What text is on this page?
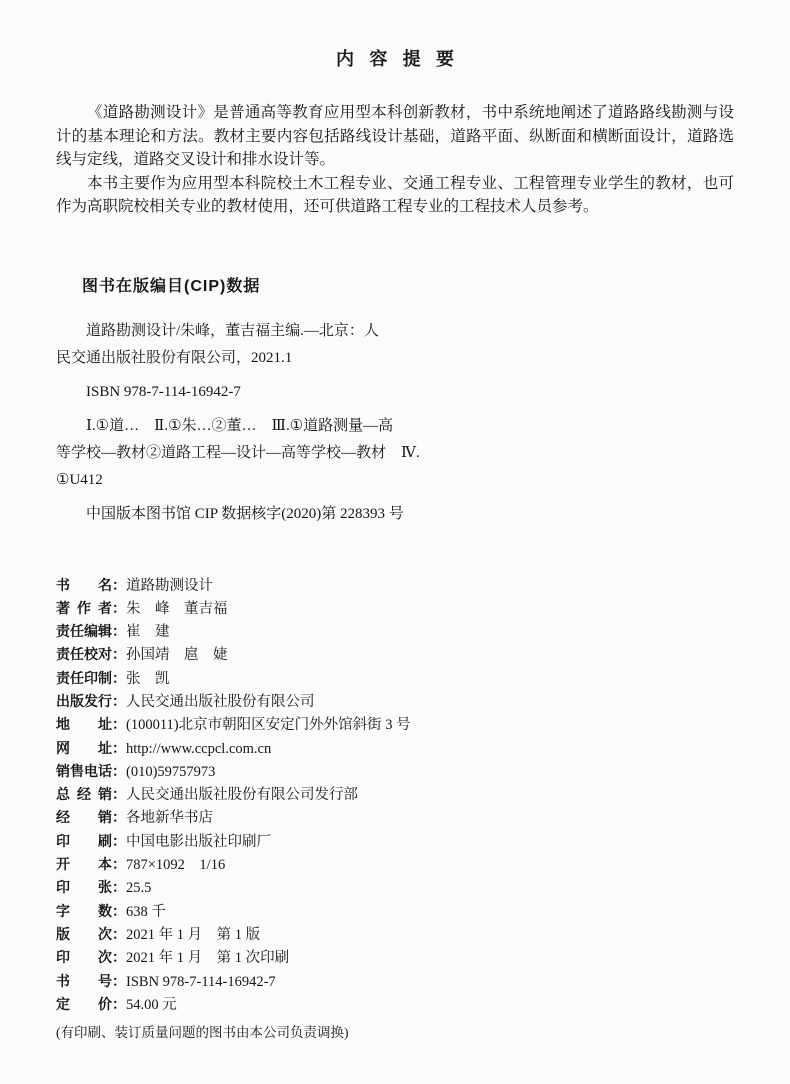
内容提要

《道路勘测设计》是普通高等教育应用型本科创新教材，书中系统地阐述了道路路线勘测与设计的基本理论和方法。教材主要内容包括路线设计基础，道路平面、纵断面和横断面设计，道路选线与定线，道路交叉设计和排水设计等。

本书主要作为应用型本科院校土木工程专业、交通工程专业、工程管理专业学生的教材，也可作为高职院校相关专业的教材使用，还可供道路工程专业的工程技术人员参考。

图书在版编目(CIP)数据
道路勘测设计/朱峰，董吉福主编.—北京：人
民交通出版社股份有限公司，2021.1
ISBN 978-7-114-16942-7
Ⅰ.①道…　Ⅱ.①朱…②董…　Ⅲ.①道路测量—高
等学校—教材②道路工程—设计—高等学校—教材　Ⅳ.
①U412
中国版本图书馆 CIP 数据核字(2020)第 228393 号
书名：道路勘测设计
著作者：朱　峰　董吉福
责任编辑：崔　建
责任校对：孙国靖　扈　婕
责任印制：张　凯
出版发行：人民交通出版社股份有限公司
地址：(100011)北京市朝阳区安定门外外馆斜街 3 号
网址：http://www.ccpcl.com.cn
销售电话：(010)59757973
总经销：人民交通出版社股份有限公司发行部
经销：各地新华书店
印刷：中国电影出版社印刷厂
开本：787×1092　1/16
印张：25.5
字数：638 千
版次：2021 年 1 月　第 1 版
印次：2021 年 1 月　第 1 次印刷
书号：ISBN 978-7-114-16942-7
定价：54.00 元
(有印刷、装订质量问题的图书由本公司负责调换)
